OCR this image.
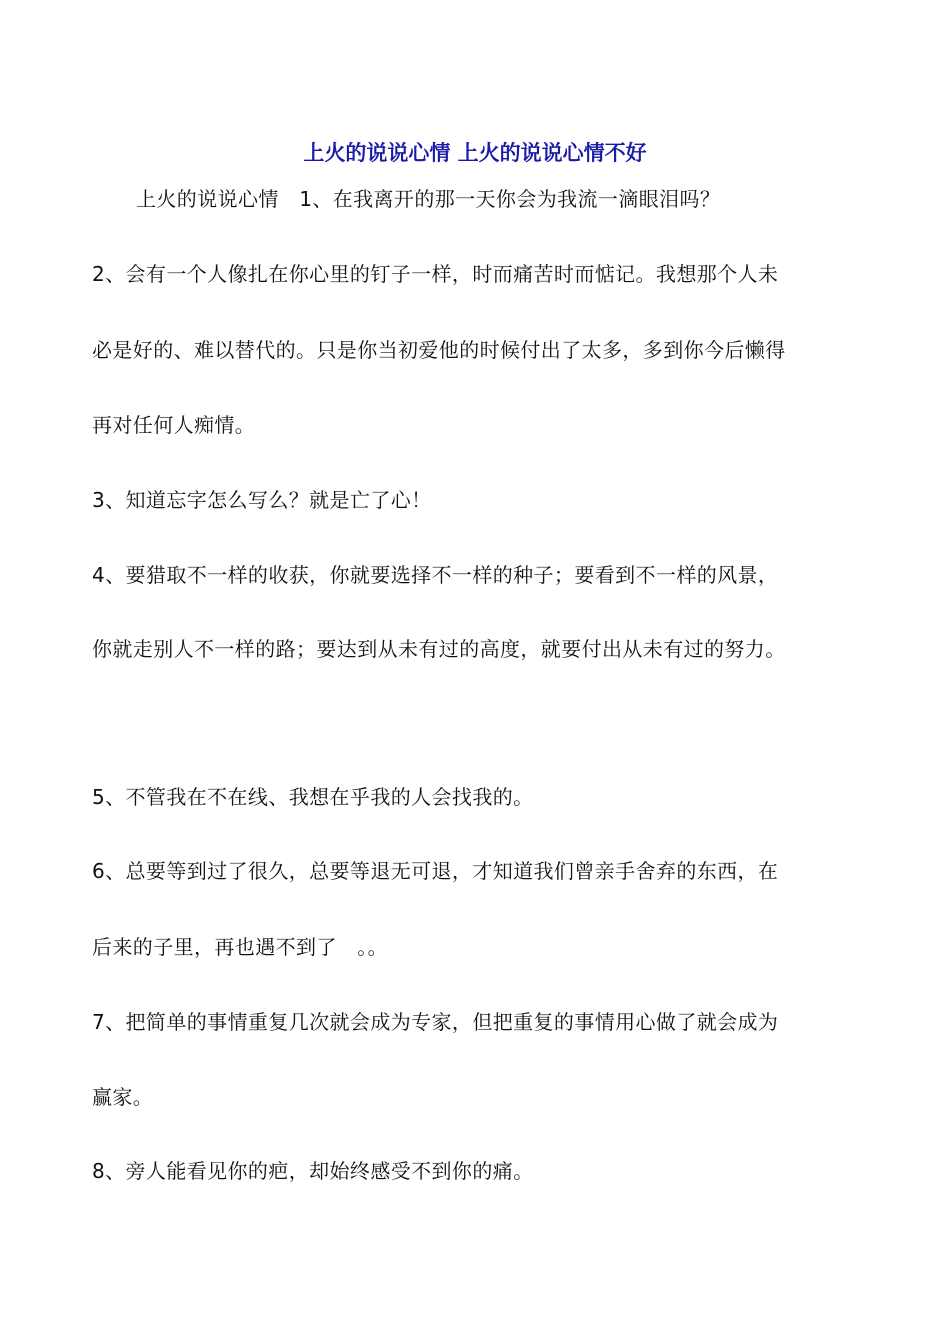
上火的说说心情 上火的说说心情不好
上火的说说心情　1、在我离开的那一天你会为我流一滴眼泪吗？
2、会有一个人像扎在你心里的钉子一样，时而痛苦时而惦记。我想那个人未
必是好的、难以替代的。只是你当初爱他的时候付出了太多，多到你今后懒得
再对任何人痴情。
3、知道忘字怎么写么？就是亡了心！
4、要猎取不一样的收获，你就要选择不一样的种子；要看到不一样的风景，
你就走别人不一样的路；要达到从未有过的高度，就要付出从未有过的努力。
5、不管我在不在线、我想在乎我的人会找我的。
6、总要等到过了很久，总要等退无可退，才知道我们曾亲手舍弃的东西，在
后来的子里，再也遇不到了　。。
7、把简单的事情重复几次就会成为专家，但把重复的事情用心做了就会成为
赢家。
8、旁人能看见你的疤，却始终感受不到你的痛。
